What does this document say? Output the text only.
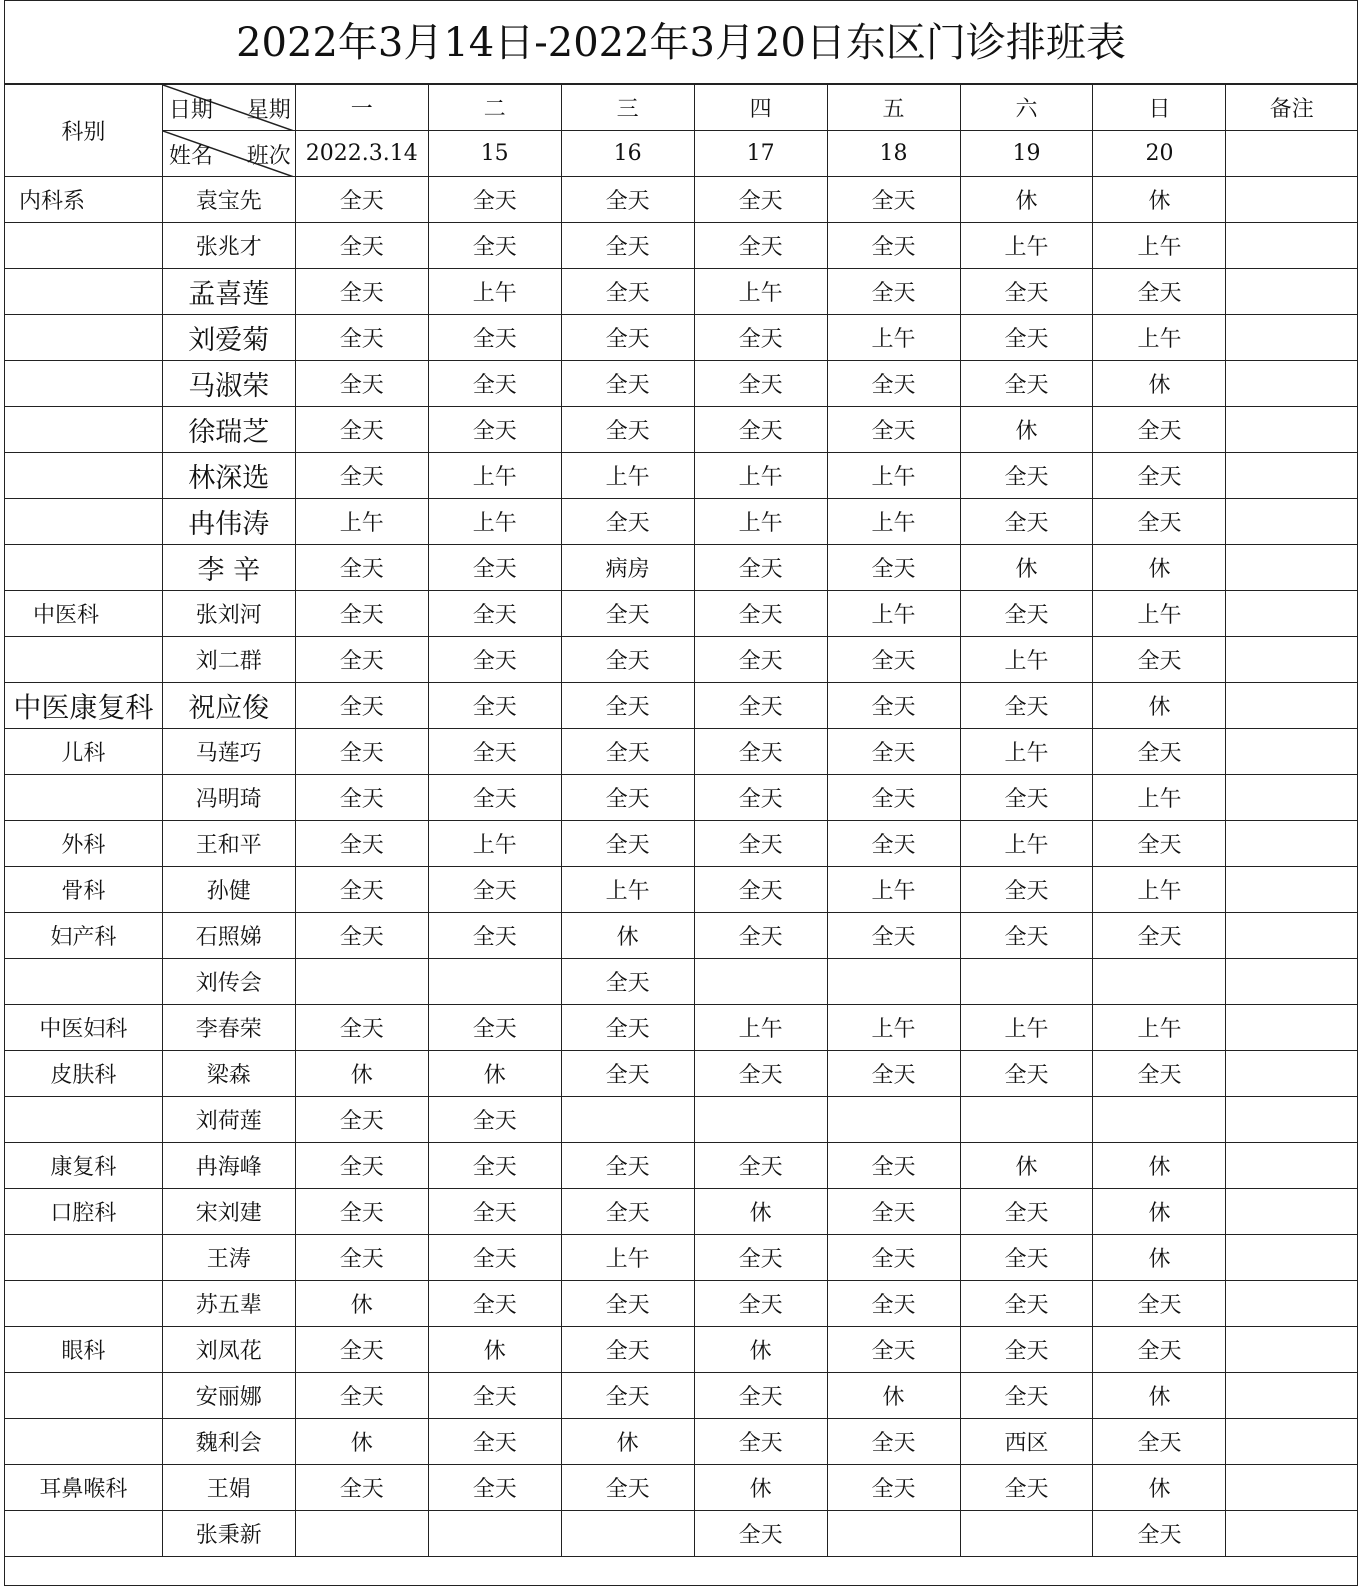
2022年3月14日-2022年3月20日东区门诊排班表
科别	日期 星期	一	二	三	四	五	六	日	备注

	姓名 班次	2022.3.14	15	16	17	18	19	20	
内科系	袁宝先	全天	全天	全天	全天	全天	休	休	
	张兆才	全天	全天	全天	全天	全天	上午	上午	
	孟喜莲	全天	上午	全天	上午	全天	全天	全天	
	刘爱菊	全天	全天	全天	全天	上午	全天	上午	
	马淑荣	全天	全天	全天	全天	全天	全天	休	
	徐瑞芝	全天	全天	全天	全天	全天	休	全天	
	林深选	全天	上午	上午	上午	上午	全天	全天	
	冉伟涛	上午	上午	全天	上午	上午	全天	全天	
	李 辛	全天	全天	病房	全天	全天	休	休	
中医科	张刘河	全天	全天	全天	全天	上午	全天	上午	
	刘二群	全天	全天	全天	全天	全天	上午	全天	
中医康复科	祝应俊	全天	全天	全天	全天	全天	全天	休	
儿科	马莲巧	全天	全天	全天	全天	全天	上午	全天	
	冯明琦	全天	全天	全天	全天	全天	全天	上午	
外科	王和平	全天	上午	全天	全天	全天	上午	全天	
骨科	孙健	全天	全天	上午	全天	上午	全天	上午	
妇产科	石照娣	全天	全天	休	全天	全天	全天	全天	
	刘传会			全天					
中医妇科	李春荣	全天	全天	全天	上午	上午	上午	上午	
皮肤科	梁森	休	休	全天	全天	全天	全天	全天	
	刘荷莲	全天	全天						
康复科	冉海峰	全天	全天	全天	全天	全天	休	休	
口腔科	宋刘建	全天	全天	全天	休	全天	全天	休	
	王涛	全天	全天	上午	全天	全天	全天	休	
	苏五辈	休	全天	全天	全天	全天	全天	全天	
眼科	刘凤花	全天	休	全天	休	全天	全天	全天	
	安丽娜	全天	全天	全天	全天	休	全天	休	
	魏利会	休	全天	休	全天	全天	西区	全天	
耳鼻喉科	王娟	全天	全天	全天	休	全天	全天	休	
	张秉新				全天			全天	
